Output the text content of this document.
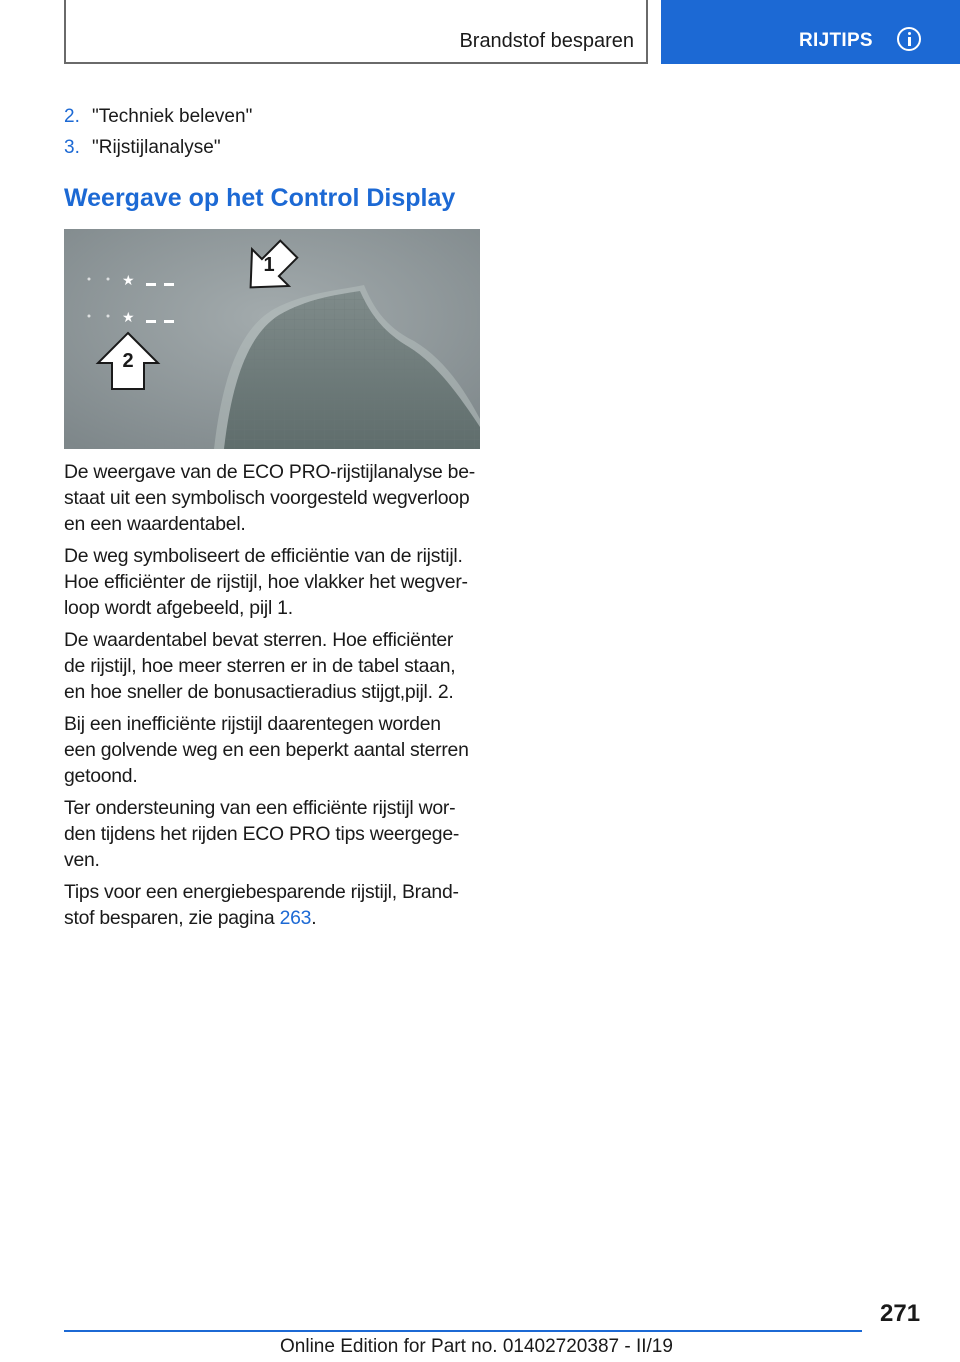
Brandstof besparen	RIJTIPS
2. "Techniek beleven"
3. "Rijstijlanalyse"
Weergave op het Control Display
★
★
1
2

De weergave van de ECO PRO-rijstijlanalyse be-
staat uit een symbolisch voorgesteld wegverloop
en een waardentabel.

De weg symboliseert de efficiëntie van de rijstijl.
Hoe efficiënter de rijstijl, hoe vlakker het wegver-
loop wordt afgebeeld, pijl 1.

De waardentabel bevat sterren. Hoe efficiënter
de rijstijl, hoe meer sterren er in de tabel staan,
en hoe sneller de bonusactieradius stijgt,pijl. 2.

Bij een inefficiënte rijstijl daarentegen worden
een golvende weg en een beperkt aantal sterren
getoond.

Ter ondersteuning van een efficiënte rijstijl wor-
den tijdens het rijden ECO PRO tips weergege-
ven.

Tips voor een energiebesparende rijstijl, Brand-
stof besparen, zie pagina 263.

271
Online Edition for Part no. 01402720387 - II/19
